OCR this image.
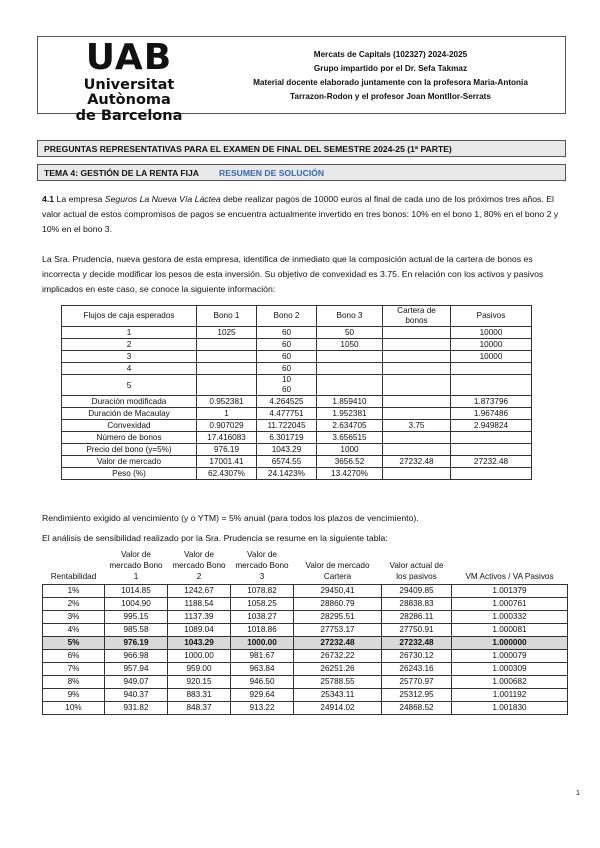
UAB
Universitat Autònoma
de Barcelona
Mercats de Capitals (102327) 2024-2025
Grupo impartido por el Dr. Sefa Takmaz
Material docente elaborado juntamente con la profesora Maria-Antonia
Tarrazon-Rodon y el profesor Joan Montllor-Serrats
PREGUNTAS REPRESENTATIVAS PARA EL EXAMEN DE FINAL DEL SEMESTRE 2024-25 (1ª PARTE)
TEMA 4: GESTIÓN DE LA RENTA FIJA RESUMEN DE SOLUCIÓN
4.1 La empresa Seguros La Nueva Vía Láctea debe realizar pagos de 10000 euros al final de cada uno de los próximos tres años. El valor actual de estos compromisos de pagos se encuentra actualmente invertido en tres bonos: 10% en el bono 1, 80% en el bono 2 y 10% en el bono 3.
La Sra. Prudencia, nueva gestora de esta empresa, identifica de inmediato que la composición actual de la cartera de bonos es incorrecta y decide modificar los pesos de esta inversión. Su objetivo de convexidad es 3.75. En relación con los activos y pasivos implicados en este caso, se conoce la siguiente información:
Flujos de caja esperados	Bono 1	Bono 2	Bono 3	Cartera de bonos	Pasivos
1	1025	60	50		10000
2		60	1050		10000
3		60			10000
4		60			
5		10
60			
Duración modificada	0.952381	4.264525	1.859410		1.873796
Duración de Macaulay	1	4.477751	1.952381		1.967486
Convexidad	0.907029	11.722045	2.634705	3.75	2.949824
Número de bonos	17.416083	6.301719	3.656515		
Precio del bono (y=5%)	976.19	1043.29	1000		
Valor de mercado	17001.41	6574.55	3656.52	27232.48	27232.48
Peso (%)	62.4307%	24.1423%	13.4270%		
Rendimiento exigido al vencimiento (y o YTM) = 5% anual (para todos los plazos de vencimiento).
El análisis de sensibilidad realizado por la Sra. Prudencia se resume en la siguiente tabla:
Rentabilidad	Valor de mercado Bono 1	Valor de mercado Bono 2	Valor de mercado Bono 3	Valor de mercado Cartera	Valor actual de los pasivos	VM Activos / VA Pasivos
1%	1014.85	1242.67	1078.82	29450,41	29409.85	1.001379
2%	1004.90	1188.54	1058.25	28860.79	28838.83	1.000761
3%	995.15	1137.39	1038.27	28295.51	28286.11	1.000332
4%	985.58	1089.04	1018.86	27753.17	27750.91	1.000081
5%	976.19	1043.29	1000.00	27232.48	27232.48	1.000000
6%	966.98	1000.00	981.67	26732.22	26730.12	1.000079
7%	957.94	959.00	963.84	26251.26	26243.16	1.000309
8%	949.07	920.15	946.50	25788.55	25770.97	1.000682
9%	940.37	883.31	929.64	25343.11	25312.95	1.001192
10%	931.82	848.37	913.22	24914.02	24868.52	1.001830
1
